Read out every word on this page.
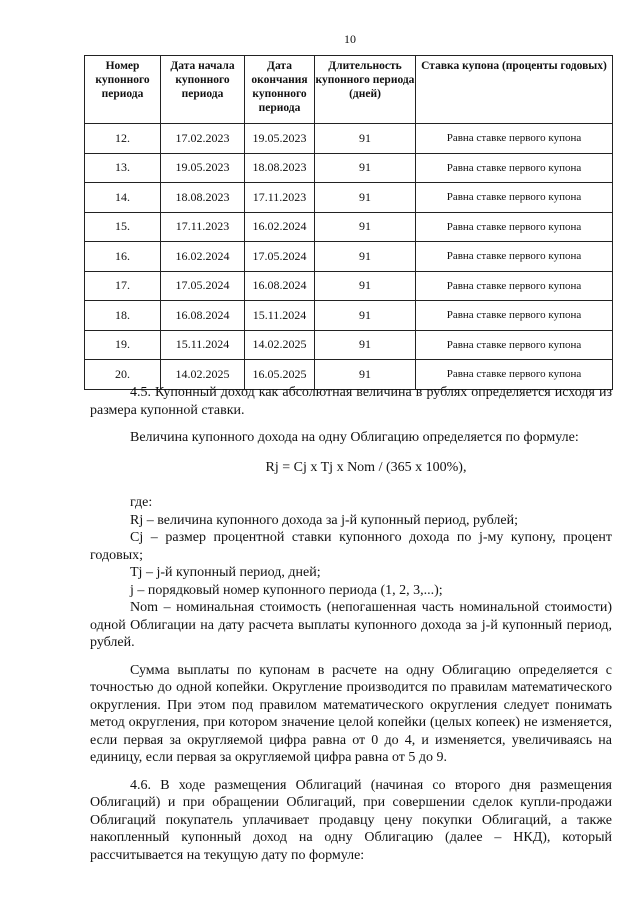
10
Номер купонного периода	Дата начала купонного периода	Дата окончания купонного периода	Длительность купонного периода (дней)	Ставка купона (проценты годовых)
12.	17.02.2023	19.05.2023	91	Равна ставке первого купона
13.	19.05.2023	18.08.2023	91	Равна ставке первого купона
14.	18.08.2023	17.11.2023	91	Равна ставке первого купона
15.	17.11.2023	16.02.2024	91	Равна ставке первого купона
16.	16.02.2024	17.05.2024	91	Равна ставке первого купона
17.	17.05.2024	16.08.2024	91	Равна ставке первого купона
18.	16.08.2024	15.11.2024	91	Равна ставке первого купона
19.	15.11.2024	14.02.2025	91	Равна ставке первого купона
20.	14.02.2025	16.05.2025	91	Равна ставке первого купона

4.5. Купонный доход как абсолютная величина в рублях определяется исходя из размера купонной ставки.

Величина купонного дохода на одну Облигацию определяется по формуле:

Rj = Cj x Tj x Nom / (365 x 100%),

где:

Rj – величина купонного дохода за j-й купонный период, рублей;

Cj – размер процентной ставки купонного дохода по j-му купону, процент годовых;

Tj – j-й купонный период, дней;

j – порядковый номер купонного периода (1, 2, 3,...);

Nom – номинальная стоимость (непогашенная часть номинальной стоимости) одной Облигации на дату расчета выплаты купонного дохода за j-й купонный период, рублей.

Сумма выплаты по купонам в расчете на одну Облигацию определяется с точностью до одной копейки. Округление производится по правилам математического округления. При этом под правилом математического округления следует понимать метод округления, при котором значение целой копейки (целых копеек) не изменяется, если первая за округляемой цифра равна от 0 до 4, и изменяется, увеличиваясь на единицу, если первая за округляемой цифра равна от 5 до 9.

4.6. В ходе размещения Облигаций (начиная со второго дня размещения Облигаций) и при обращении Облигаций, при совершении сделок купли-продажи Облигаций покупатель уплачивает продавцу цену покупки Облигаций, а также накопленный купонный доход на одну Облигацию (далее – НКД), который рассчитывается на текущую дату по формуле:
